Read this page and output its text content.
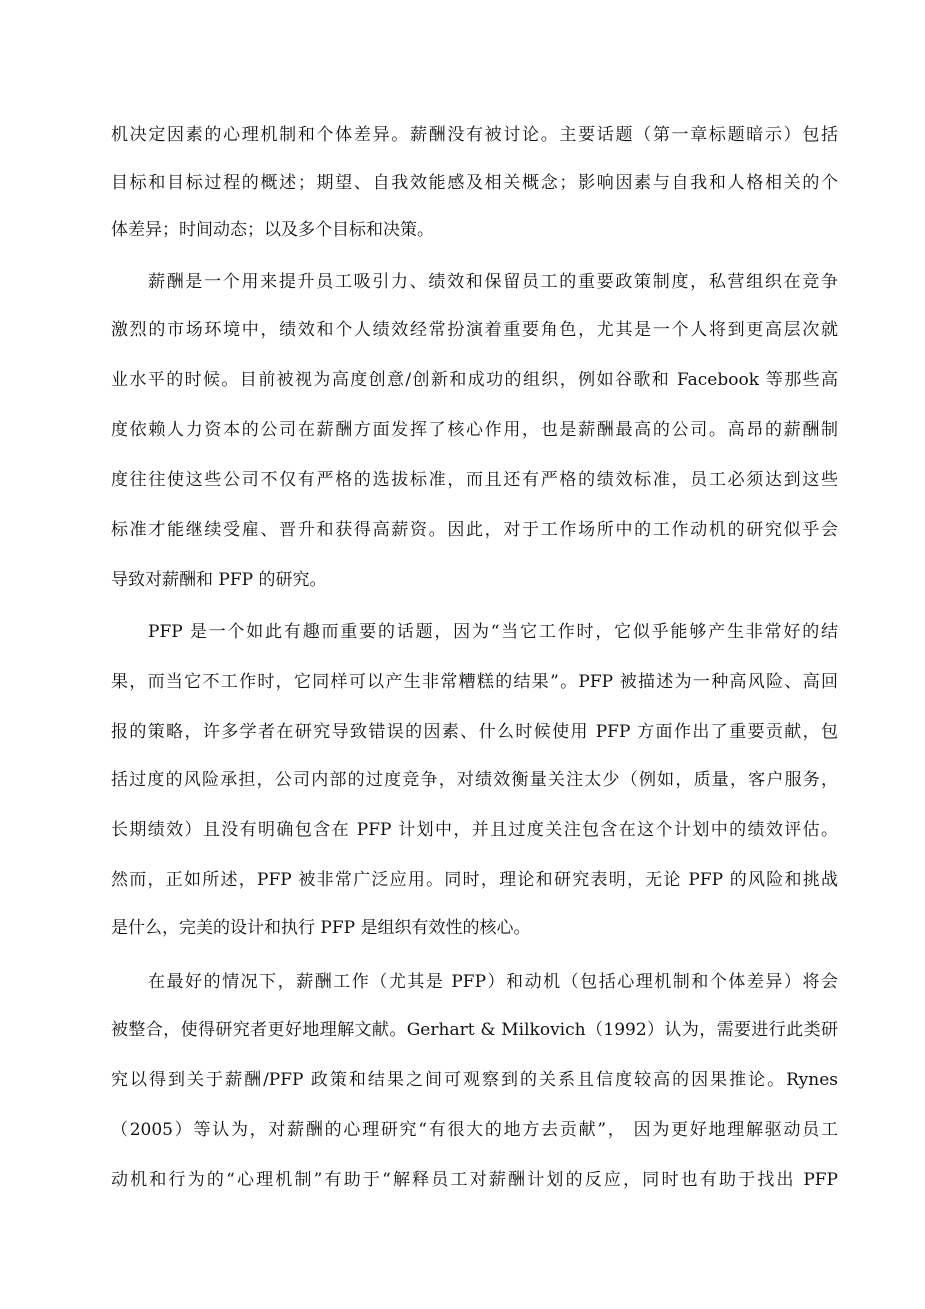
机决定因素的心理机制和个体差异。薪酬没有被讨论。主要话题（第一章标题暗示）包括
目标和目标过程的概述；期望、自我效能感及相关概念；影响因素与自我和人格相关的个
体差异；时间动态；以及多个目标和决策。
薪酬是一个用来提升员工吸引力、绩效和保留员工的重要政策制度，私营组织在竞争
激烈的市场环境中，绩效和个人绩效经常扮演着重要角色，尤其是一个人将到更高层次就
业水平的时候。目前被视为高度创意/创新和成功的组织，例如谷歌和 Facebook 等那些高
度依赖人力资本的公司在薪酬方面发挥了核心作用，也是薪酬最高的公司。高昂的薪酬制
度往往使这些公司不仅有严格的选拔标准，而且还有严格的绩效标准，员工必须达到这些
标准才能继续受雇、晋升和获得高薪资。因此，对于工作场所中的工作动机的研究似乎会
导致对薪酬和 PFP 的研究。
PFP 是一个如此有趣而重要的话题，因为“当它工作时，它似乎能够产生非常好的结
果，而当它不工作时，它同样可以产生非常糟糕的结果”。PFP 被描述为一种高风险、高回
报的策略，许多学者在研究导致错误的因素、什么时候使用 PFP 方面作出了重要贡献，包
括过度的风险承担，公司内部的过度竞争，对绩效衡量关注太少（例如，质量，客户服务，
长期绩效）且没有明确包含在 PFP 计划中，并且过度关注包含在这个计划中的绩效评估。
然而，正如所述，PFP 被非常广泛应用。同时，理论和研究表明，无论 PFP 的风险和挑战
是什么，完美的设计和执行 PFP 是组织有效性的核心。
在最好的情况下，薪酬工作（尤其是 PFP）和动机（包括心理机制和个体差异）将会
被整合，使得研究者更好地理解文献。Gerhart & Milkovich（1992）认为，需要进行此类研
究以得到关于薪酬/PFP 政策和结果之间可观察到的关系且信度较高的因果推论。Rynes
（2005）等认为，对薪酬的心理研究“有很大的地方去贡献”， 因为更好地理解驱动员工
动机和行为的“心理机制”有助于“解释员工对薪酬计划的反应，同时也有助于找出 PFP
